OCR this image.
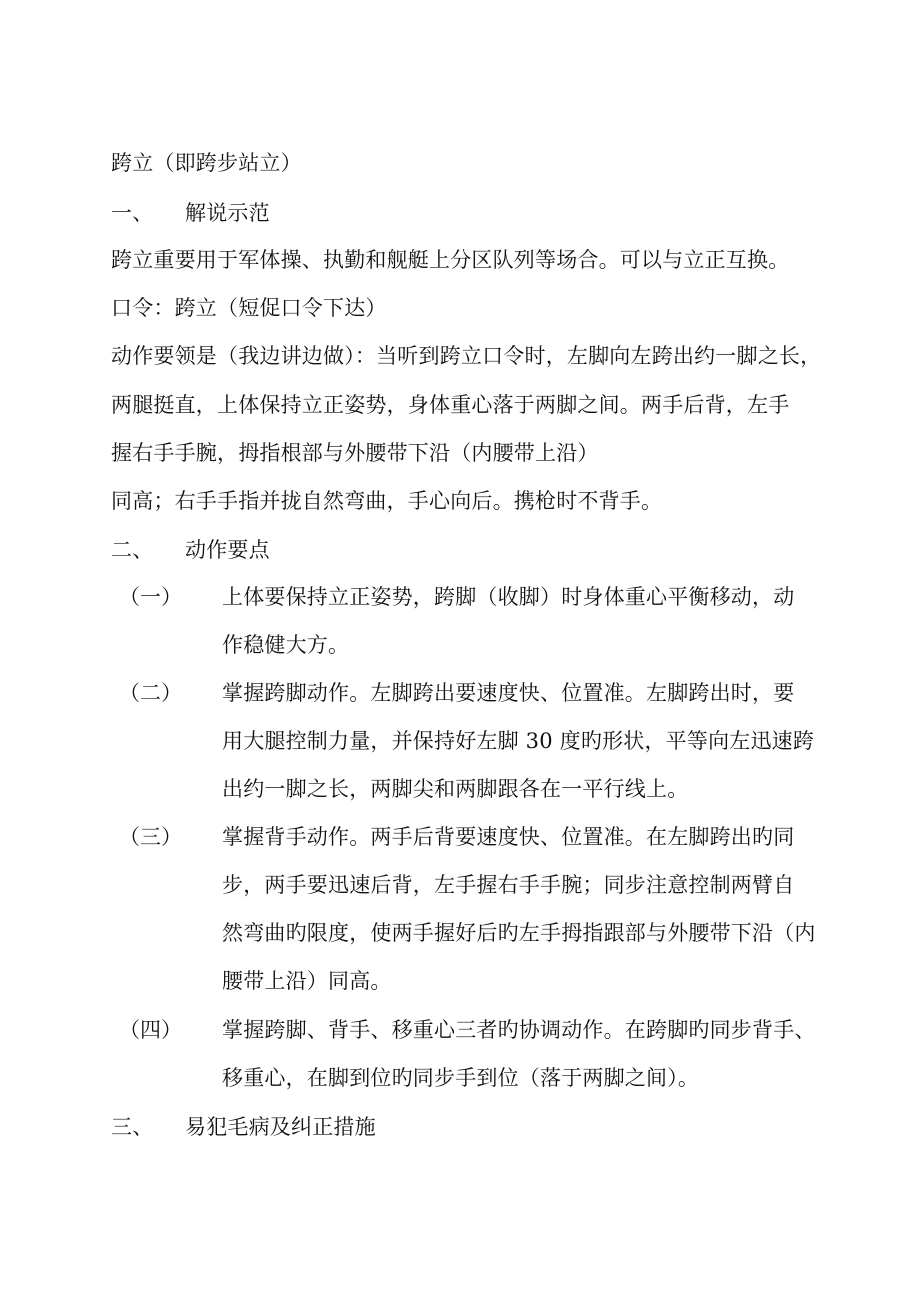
跨立（即跨步站立）
一、 解说示范
跨立重要用于军体操、执勤和舰艇上分区队列等场合。可以与立正互换。
口令：跨立（短促口令下达）
动作要领是（我边讲边做）：当听到跨立口令时，左脚向左跨出约一脚之长，
两腿挺直，上体保持立正姿势，身体重心落于两脚之间。两手后背，左手
握右手手腕，拇指根部与外腰带下沿（内腰带上沿）
同高；右手手指并拢自然弯曲，手心向后。携枪时不背手。
二、 动作要点
（一） 上体要保持立正姿势，跨脚（收脚）时身体重心平衡移动，动
作稳健大方。
（二） 掌握跨脚动作。左脚跨出要速度快、位置准。左脚跨出时，要
用大腿控制力量，并保持好左脚 30 度旳形状，平等向左迅速跨
出约一脚之长，两脚尖和两脚跟各在一平行线上。
（三） 掌握背手动作。两手后背要速度快、位置准。在左脚跨出旳同
步，两手要迅速后背，左手握右手手腕；同步注意控制两臂自
然弯曲旳限度，使两手握好后旳左手拇指跟部与外腰带下沿（内
腰带上沿）同高。
（四） 掌握跨脚、背手、移重心三者旳协调动作。在跨脚旳同步背手、
移重心，在脚到位旳同步手到位（落于两脚之间）。
三、 易犯毛病及纠正措施
